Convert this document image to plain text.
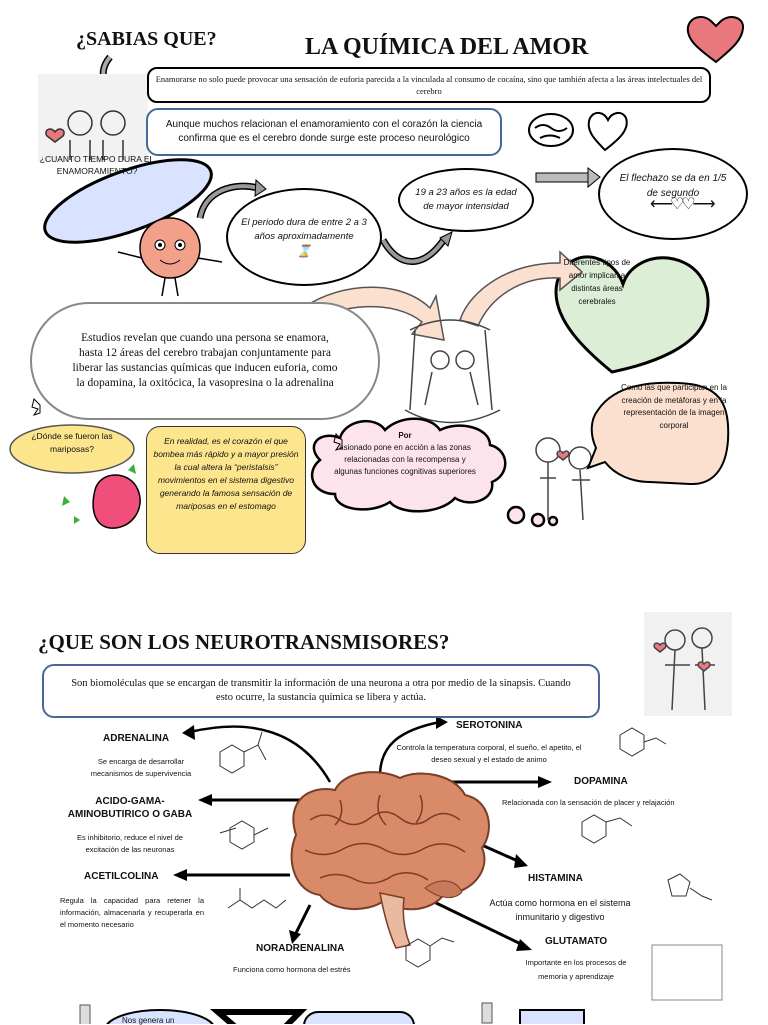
¿SABIAS QUE?	LA QUÍMICA DEL AMOR
Enamorarse no solo puede provocar una sensación de euforia parecida a la vinculada al consumo de cocaína, sino que también afecta a las áreas intelectuales del cerebro
Aunque muchos relacionan el enamoramiento con el corazón la ciencia confirma que es el cerebro donde surge este proceso neurológico
¿CUANTO TIEMPO DURA EL ENAMORAMIENTO?
El periodo dura de entre 2 a 3 años aproximadamente
⌛
19 a 23 años es la edad de mayor intensidad
El flechazo se da en 1/5 de segundo
⟵♡♡⟶
Diferentes tipos de amor implican a distintas áreas cerebrales
Estudios revelan que cuando una persona se enamora, hasta 12 áreas del cerebro trabajan conjuntamente para liberar las sustancias químicas que inducen euforia, como la dopamina, la oxitócica, la vasopresina o la adrenalina
¿Dónde se fueron las mariposas?
En realidad, es el corazón el que bombea más rápido y a mayor presión la cual altera la “peristalsis” movimientos en el sistema digestivo generando la famosa sensación de mariposas en el estomago
Por
asionado pone en acción a las zonas relacionadas con la recompensa y algunas funciones cognitivas superiores
Como las que participan en la creación de metáforas y en la representación de la imagen corporal
¿QUE SON LOS NEUROTRANSMISORES?
Son biomoléculas que se encargan de transmitir la información de una neurona a otra por medio de la sinapsis. Cuando esto ocurre, la sustancia química se libera y actúa.
ADRENALINA
Se encarga de desarrollar mecanismos de supervivencia
ACIDO-GAMA- AMINOBUTIRICO O GABA
Es inhibitorio, reduce el nivel de excitación de las neuronas
ACETILCOLINA
Regula la capacidad para retener la información, almacenarla y recuperarla en el momento necesario
NORADRENALINA
Funciona como hormona del estrés
SEROTONINA
Controla la temperatura corporal, el sueño, el apetito, el deseo sexual y el estado de animo
DOPAMINA
Relacionada con la sensación de placer y relajación
HISTAMINA
Actúa como hormona en el sistema inmunitario y digestivo
GLUTAMATO
Importante en los procesos de memoria y aprendizaje
Nos genera un
